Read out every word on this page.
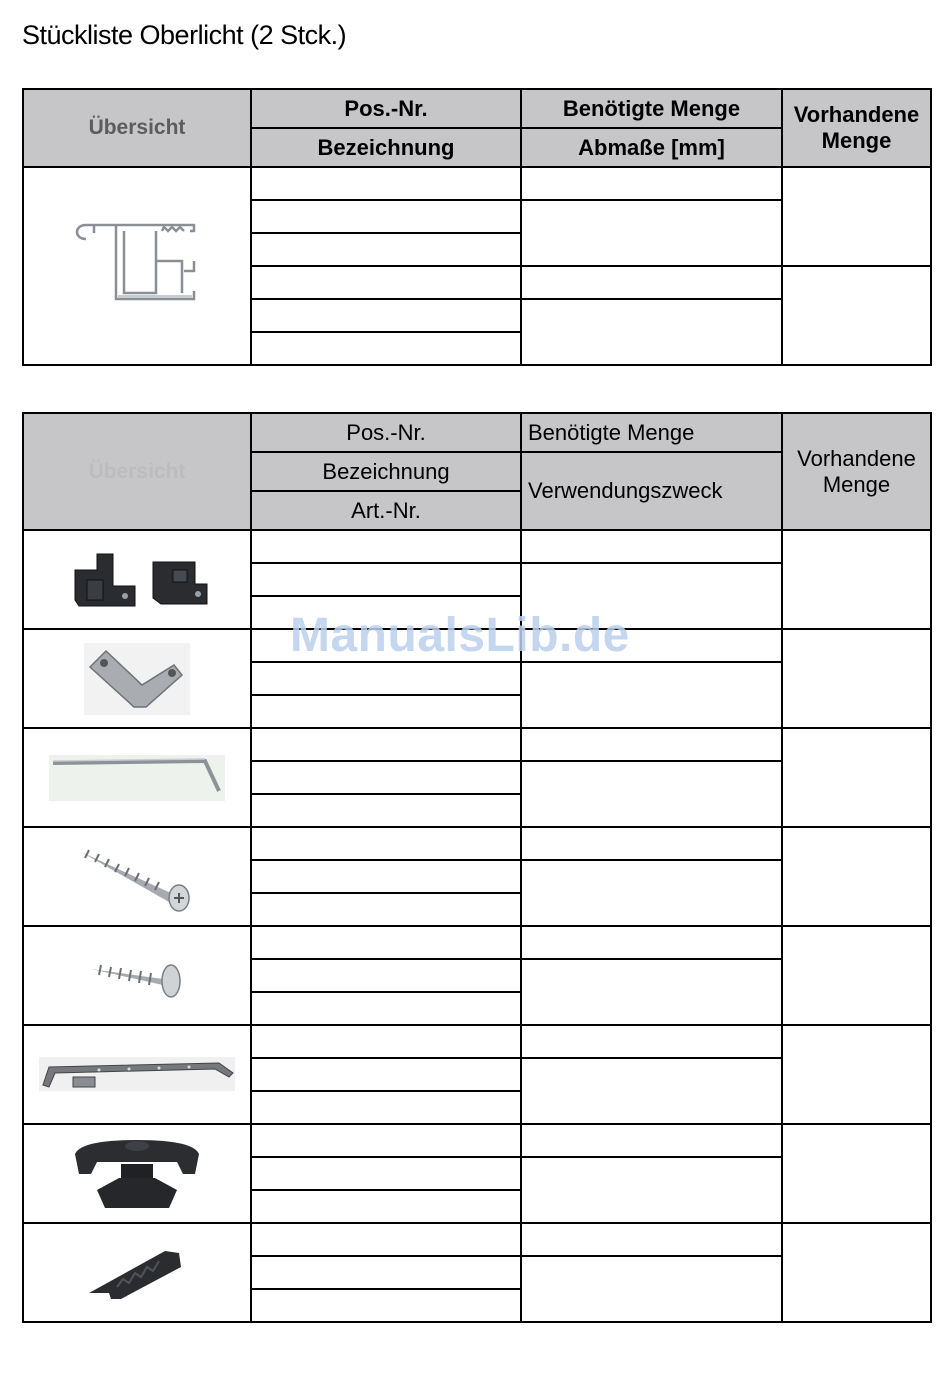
Stückliste Oberlicht (2 Stck.)
Übersicht	Pos.-Nr.	Benötigte Menge	Vorhandene Menge
	Bezeichnung	Abmaße [mm]	

Übersicht	Pos.-Nr.	Benötigte Menge	Vorhandene Menge
	Bezeichnung	Verwendungszweck	
	Art.-Nr.		

ManualsLib.de
